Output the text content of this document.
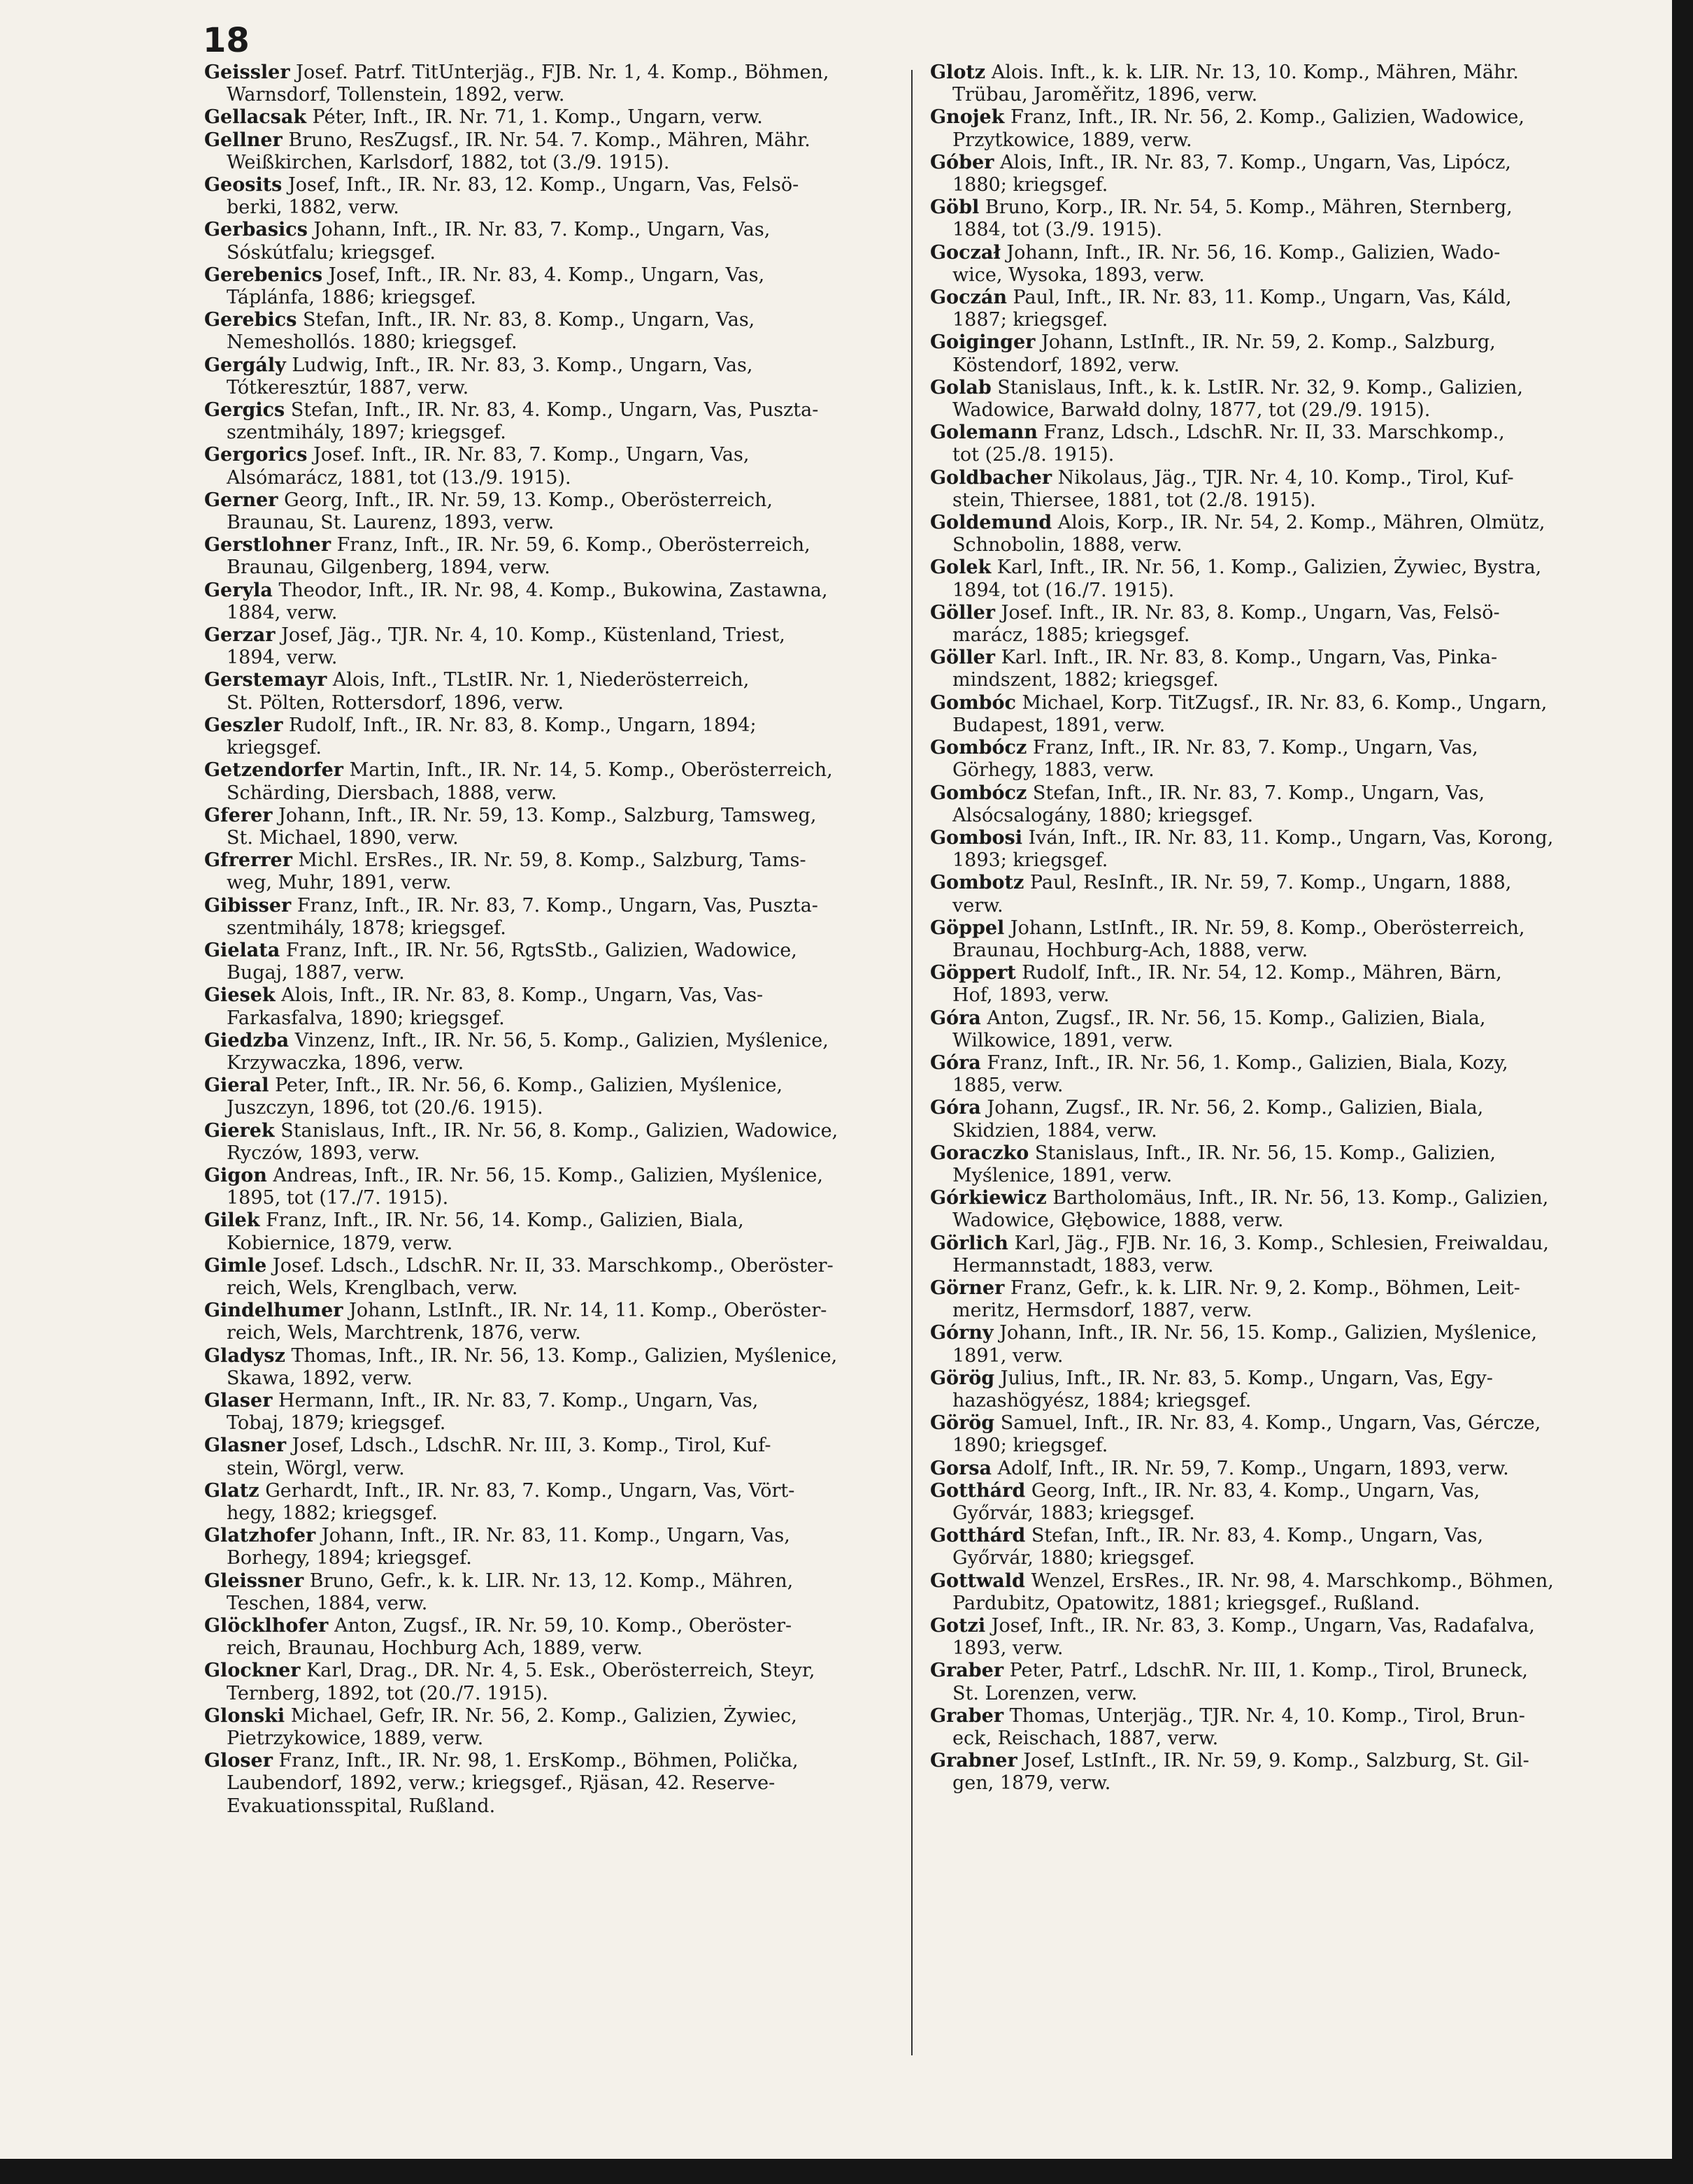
18

Geissler Josef. Patrf. TitUnterjäg., FJB. Nr. 1, 4. Komp., Böhmen,
Warnsdorf, Tollenstein, 1892, verw.

Gellacsak Péter, Inft., IR. Nr. 71, 1. Komp., Ungarn, verw.

Gellner Bruno, ResZugsf., IR. Nr. 54. 7. Komp., Mähren, Mähr.
Weißkirchen, Karlsdorf, 1882, tot (3./9. 1915).

Geosits Josef, Inft., IR. Nr. 83, 12. Komp., Ungarn, Vas, Felsö-
berki, 1882, verw.

Gerbasics Johann, Inft., IR. Nr. 83, 7. Komp., Ungarn, Vas,
Sóskútfalu; kriegsgef.

Gerebenics Josef, Inft., IR. Nr. 83, 4. Komp., Ungarn, Vas,
Táplánfa, 1886; kriegsgef.

Gerebics Stefan, Inft., IR. Nr. 83, 8. Komp., Ungarn, Vas,
Nemeshollós. 1880; kriegsgef.

Gergály Ludwig, Inft., IR. Nr. 83, 3. Komp., Ungarn, Vas,
Tótkeresztúr, 1887, verw.

Gergics Stefan, Inft., IR. Nr. 83, 4. Komp., Ungarn, Vas, Puszta-
szentmihály, 1897; kriegsgef.

Gergorics Josef. Inft., IR. Nr. 83, 7. Komp., Ungarn, Vas,
Alsómarácz, 1881, tot (13./9. 1915).

Gerner Georg, Inft., IR. Nr. 59, 13. Komp., Oberösterreich,
Braunau, St. Laurenz, 1893, verw.

Gerstlohner Franz, Inft., IR. Nr. 59, 6. Komp., Oberösterreich,
Braunau, Gilgenberg, 1894, verw.

Geryla Theodor, Inft., IR. Nr. 98, 4. Komp., Bukowina, Zastawna,
1884, verw.

Gerzar Josef, Jäg., TJR. Nr. 4, 10. Komp., Küstenland, Triest,
1894, verw.

Gerstemayr Alois, Inft., TLstIR. Nr. 1, Niederösterreich,
St. Pölten, Rottersdorf, 1896, verw.

Geszler Rudolf, Inft., IR. Nr. 83, 8. Komp., Ungarn, 1894;
kriegsgef.

Getzendorfer Martin, Inft., IR. Nr. 14, 5. Komp., Oberösterreich,
Schärding, Diersbach, 1888, verw.

Gferer Johann, Inft., IR. Nr. 59, 13. Komp., Salzburg, Tamsweg,
St. Michael, 1890, verw.

Gfrerrer Michl. ErsRes., IR. Nr. 59, 8. Komp., Salzburg, Tams-
weg, Muhr, 1891, verw.

Gibisser Franz, Inft., IR. Nr. 83, 7. Komp., Ungarn, Vas, Puszta-
szentmihály, 1878; kriegsgef.

Gielata Franz, Inft., IR. Nr. 56, RgtsStb., Galizien, Wadowice,
Bugaj, 1887, verw.

Giesek Alois, Inft., IR. Nr. 83, 8. Komp., Ungarn, Vas, Vas-
Farkasfalva, 1890; kriegsgef.

Giedzba Vinzenz, Inft., IR. Nr. 56, 5. Komp., Galizien, Myślenice,
Krzywaczka, 1896, verw.

Gieral Peter, Inft., IR. Nr. 56, 6. Komp., Galizien, Myślenice,
Juszczyn, 1896, tot (20./6. 1915).

Gierek Stanislaus, Inft., IR. Nr. 56, 8. Komp., Galizien, Wadowice,
Ryczów, 1893, verw.

Gigon Andreas, Inft., IR. Nr. 56, 15. Komp., Galizien, Myślenice,
1895, tot (17./7. 1915).

Gilek Franz, Inft., IR. Nr. 56, 14. Komp., Galizien, Biala,
Kobiernice, 1879, verw.

Gimle Josef. Ldsch., LdschR. Nr. II, 33. Marschkomp., Oberöster-
reich, Wels, Krenglbach, verw.

Gindelhumer Johann, LstInft., IR. Nr. 14, 11. Komp., Oberöster-
reich, Wels, Marchtrenk, 1876, verw.

Gladysz Thomas, Inft., IR. Nr. 56, 13. Komp., Galizien, Myślenice,
Skawa, 1892, verw.

Glaser Hermann, Inft., IR. Nr. 83, 7. Komp., Ungarn, Vas,
Tobaj, 1879; kriegsgef.

Glasner Josef, Ldsch., LdschR. Nr. III, 3. Komp., Tirol, Kuf-
stein, Wörgl, verw.

Glatz Gerhardt, Inft., IR. Nr. 83, 7. Komp., Ungarn, Vas, Vört-
hegy, 1882; kriegsgef.

Glatzhofer Johann, Inft., IR. Nr. 83, 11. Komp., Ungarn, Vas,
Borhegy, 1894; kriegsgef.

Gleissner Bruno, Gefr., k. k. LIR. Nr. 13, 12. Komp., Mähren,
Teschen, 1884, verw.

Glöcklhofer Anton, Zugsf., IR. Nr. 59, 10. Komp., Oberöster-
reich, Braunau, Hochburg Ach, 1889, verw.

Glockner Karl, Drag., DR. Nr. 4, 5. Esk., Oberösterreich, Steyr,
Ternberg, 1892, tot (20./7. 1915).

Glonski Michael, Gefr, IR. Nr. 56, 2. Komp., Galizien, Żywiec,
Pietrzykowice, 1889, verw.

Gloser Franz, Inft., IR. Nr. 98, 1. ErsKomp., Böhmen, Polička,
Laubendorf, 1892, verw.; kriegsgef., Rjäsan, 42. Reserve-

Evakuationsspital, Rußland.

Glotz Alois. Inft., k. k. LIR. Nr. 13, 10. Komp., Mähren, Mähr.
Trübau, Jaroměřitz, 1896, verw.

Gnojek Franz, Inft., IR. Nr. 56, 2. Komp., Galizien, Wadowice,
Przytkowice, 1889, verw.

Góber Alois, Inft., IR. Nr. 83, 7. Komp., Ungarn, Vas, Lipócz,
1880; kriegsgef.

Göbl Bruno, Korp., IR. Nr. 54, 5. Komp., Mähren, Sternberg,
1884, tot (3./9. 1915).

Goczał Johann, Inft., IR. Nr. 56, 16. Komp., Galizien, Wado-
wice, Wysoka, 1893, verw.

Goczán Paul, Inft., IR. Nr. 83, 11. Komp., Ungarn, Vas, Káld,
1887; kriegsgef.

Goiginger Johann, LstInft., IR. Nr. 59, 2. Komp., Salzburg,
Köstendorf, 1892, verw.

Golab Stanislaus, Inft., k. k. LstIR. Nr. 32, 9. Komp., Galizien,
Wadowice, Barwałd dolny, 1877, tot (29./9. 1915).

Golemann Franz, Ldsch., LdschR. Nr. II, 33. Marschkomp.,
tot (25./8. 1915).

Goldbacher Nikolaus, Jäg., TJR. Nr. 4, 10. Komp., Tirol, Kuf-
stein, Thiersee, 1881, tot (2./8. 1915).

Goldemund Alois, Korp., IR. Nr. 54, 2. Komp., Mähren, Olmütz,
Schnobolin, 1888, verw.

Golek Karl, Inft., IR. Nr. 56, 1. Komp., Galizien, Żywiec, Bystra,
1894, tot (16./7. 1915).

Göller Josef. Inft., IR. Nr. 83, 8. Komp., Ungarn, Vas, Felsö-
marácz, 1885; kriegsgef.

Göller Karl. Inft., IR. Nr. 83, 8. Komp., Ungarn, Vas, Pinka-
mindszent, 1882; kriegsgef.

Gombóc Michael, Korp. TitZugsf., IR. Nr. 83, 6. Komp., Ungarn,
Budapest, 1891, verw.

Gombócz Franz, Inft., IR. Nr. 83, 7. Komp., Ungarn, Vas,
Görhegy, 1883, verw.

Gombócz Stefan, Inft., IR. Nr. 83, 7. Komp., Ungarn, Vas,
Alsócsalogány, 1880; kriegsgef.

Gombosi Iván, Inft., IR. Nr. 83, 11. Komp., Ungarn, Vas, Korong,
1893; kriegsgef.

Gombotz Paul, ResInft., IR. Nr. 59, 7. Komp., Ungarn, 1888,
verw.

Göppel Johann, LstInft., IR. Nr. 59, 8. Komp., Oberösterreich,
Braunau, Hochburg-Ach, 1888, verw.

Göppert Rudolf, Inft., IR. Nr. 54, 12. Komp., Mähren, Bärn,
Hof, 1893, verw.

Góra Anton, Zugsf., IR. Nr. 56, 15. Komp., Galizien, Biala,
Wilkowice, 1891, verw.

Góra Franz, Inft., IR. Nr. 56, 1. Komp., Galizien, Biala, Kozy,
1885, verw.

Góra Johann, Zugsf., IR. Nr. 56, 2. Komp., Galizien, Biala,
Skidzien, 1884, verw.

Goraczko Stanislaus, Inft., IR. Nr. 56, 15. Komp., Galizien,
Myślenice, 1891, verw.

Górkiewicz Bartholomäus, Inft., IR. Nr. 56, 13. Komp., Galizien,
Wadowice, Głębowice, 1888, verw.

Görlich Karl, Jäg., FJB. Nr. 16, 3. Komp., Schlesien, Freiwaldau,
Hermannstadt, 1883, verw.

Görner Franz, Gefr., k. k. LIR. Nr. 9, 2. Komp., Böhmen, Leit-
meritz, Hermsdorf, 1887, verw.

Górny Johann, Inft., IR. Nr. 56, 15. Komp., Galizien, Myślenice,
1891, verw.

Görög Julius, Inft., IR. Nr. 83, 5. Komp., Ungarn, Vas, Egy-
hazashögyész, 1884; kriegsgef.

Görög Samuel, Inft., IR. Nr. 83, 4. Komp., Ungarn, Vas, Gércze,
1890; kriegsgef.

Gorsa Adolf, Inft., IR. Nr. 59, 7. Komp., Ungarn, 1893, verw.

Gotthárd Georg, Inft., IR. Nr. 83, 4. Komp., Ungarn, Vas,
Győrvár, 1883; kriegsgef.

Gotthárd Stefan, Inft., IR. Nr. 83, 4. Komp., Ungarn, Vas,
Győrvár, 1880; kriegsgef.

Gottwald Wenzel, ErsRes., IR. Nr. 98, 4. Marschkomp., Böhmen,
Pardubitz, Opatowitz, 1881; kriegsgef., Rußland.

Gotzi Josef, Inft., IR. Nr. 83, 3. Komp., Ungarn, Vas, Radafalva,
1893, verw.

Graber Peter, Patrf., LdschR. Nr. III, 1. Komp., Tirol, Bruneck,
St. Lorenzen, verw.

Graber Thomas, Unterjäg., TJR. Nr. 4, 10. Komp., Tirol, Brun-
eck, Reischach, 1887, verw.

Grabner Josef, LstInft., IR. Nr. 59, 9. Komp., Salzburg, St. Gil-
gen, 1879, verw.
